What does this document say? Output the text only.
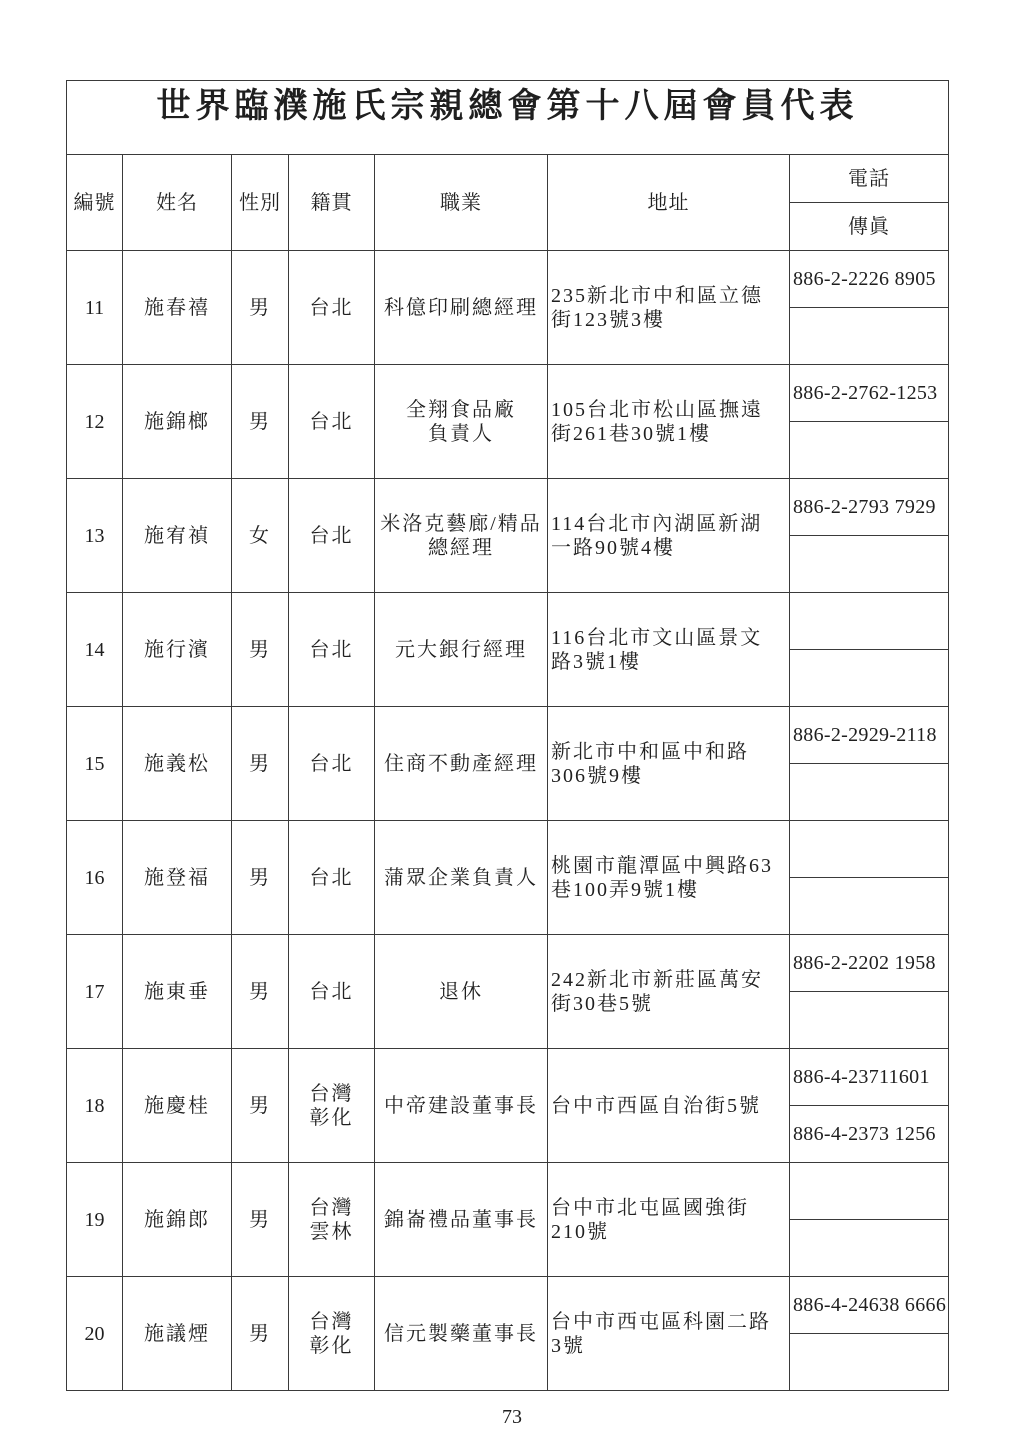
世界臨濮施氏宗親總會第十八屆會員代表						
編號	姓名	性別	籍貫	職業	地址	電話
						傳眞
11	施春禧	男	台北	科億印刷總經理	235新北市中和區立德
街123號3樓	886-2-2226 8905

12	施錦榔	男	台北	全翔食品廠
負責人	105台北市松山區撫遠
街261巷30號1樓	886-2-2762-1253

13	施宥禎	女	台北	米洛克藝廊/精品
總經理	114台北市內湖區新湖
一路90號4樓	886-2-2793 7929

14	施行濱	男	台北	元大銀行經理	116台北市文山區景文
路3號1樓	

15	施義松	男	台北	住商不動產經理	新北市中和區中和路
306號9樓	886-2-2929-2118

16	施登福	男	台北	蒲眾企業負責人	桃園市龍潭區中興路63
巷100弄9號1樓	

17	施東垂	男	台北	退休	242新北市新莊區萬安
街30巷5號	886-2-2202 1958

18	施慶桂	男	台灣
彰化	中帝建設董事長	台中市西區自治街5號	886-4-23711601
						886-4-2373 1256
19	施錦郎	男	台灣
雲林	錦崙禮品董事長	台中市北屯區國強街
210號	

20	施議煙	男	台灣
彰化	信元製藥董事長	台中市西屯區科園二路
3號	886-4-24638 6666

73
